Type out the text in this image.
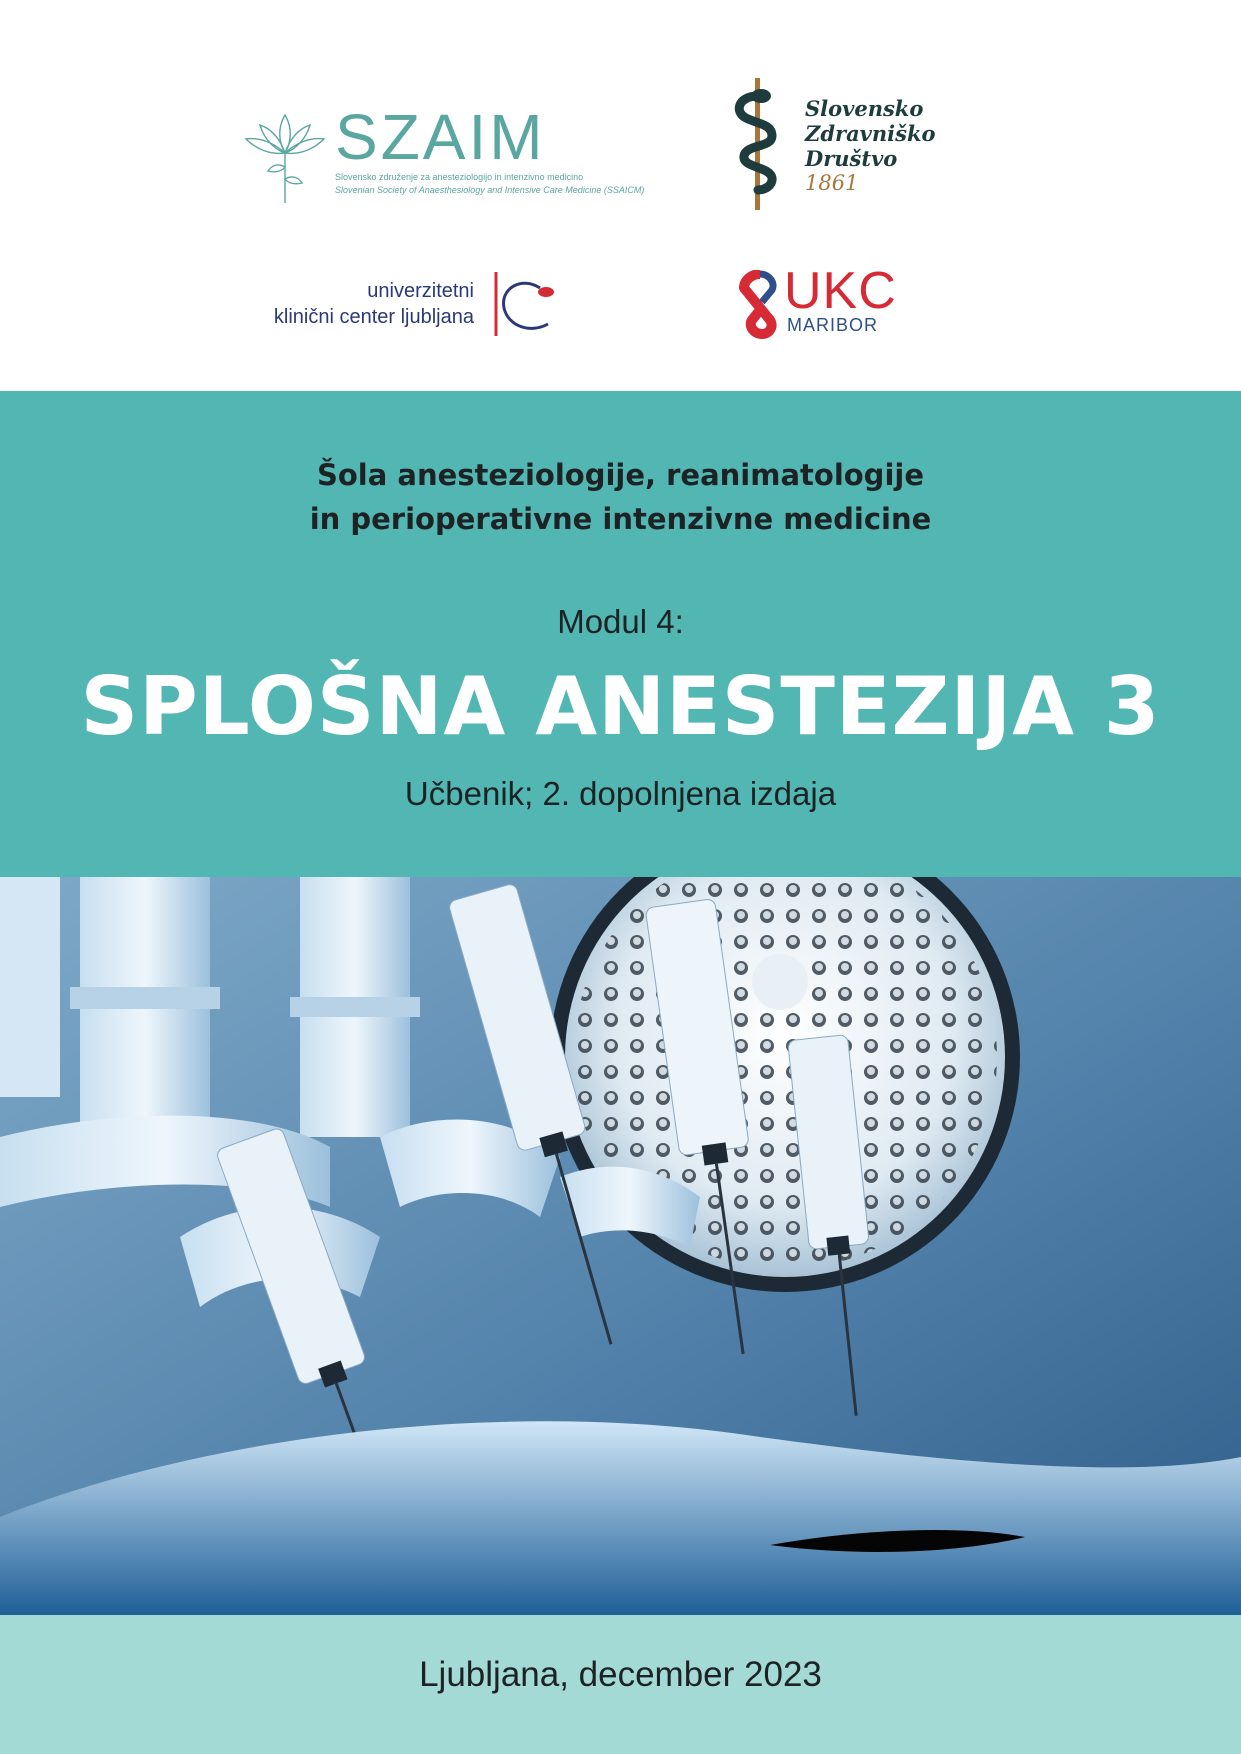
SZAIM
Slovensko združenje za anesteziologijo in intenzivno medicino
Slovenian Society of Anaesthesiology and Intensive Care Medicine (SSAICM)
Slovensko
Zdravniško
Društvo
1861
univerzitetni
klinični center ljubljana	UKC
MARIBOR
Šola anesteziologije, reanimatologije
in perioperativne intenzivne medicine
Modul 4:
SPLOŠNA ANESTEZIJA 3
Učbenik; 2. dopolnjena izdaja
Ljubljana, december 2023
